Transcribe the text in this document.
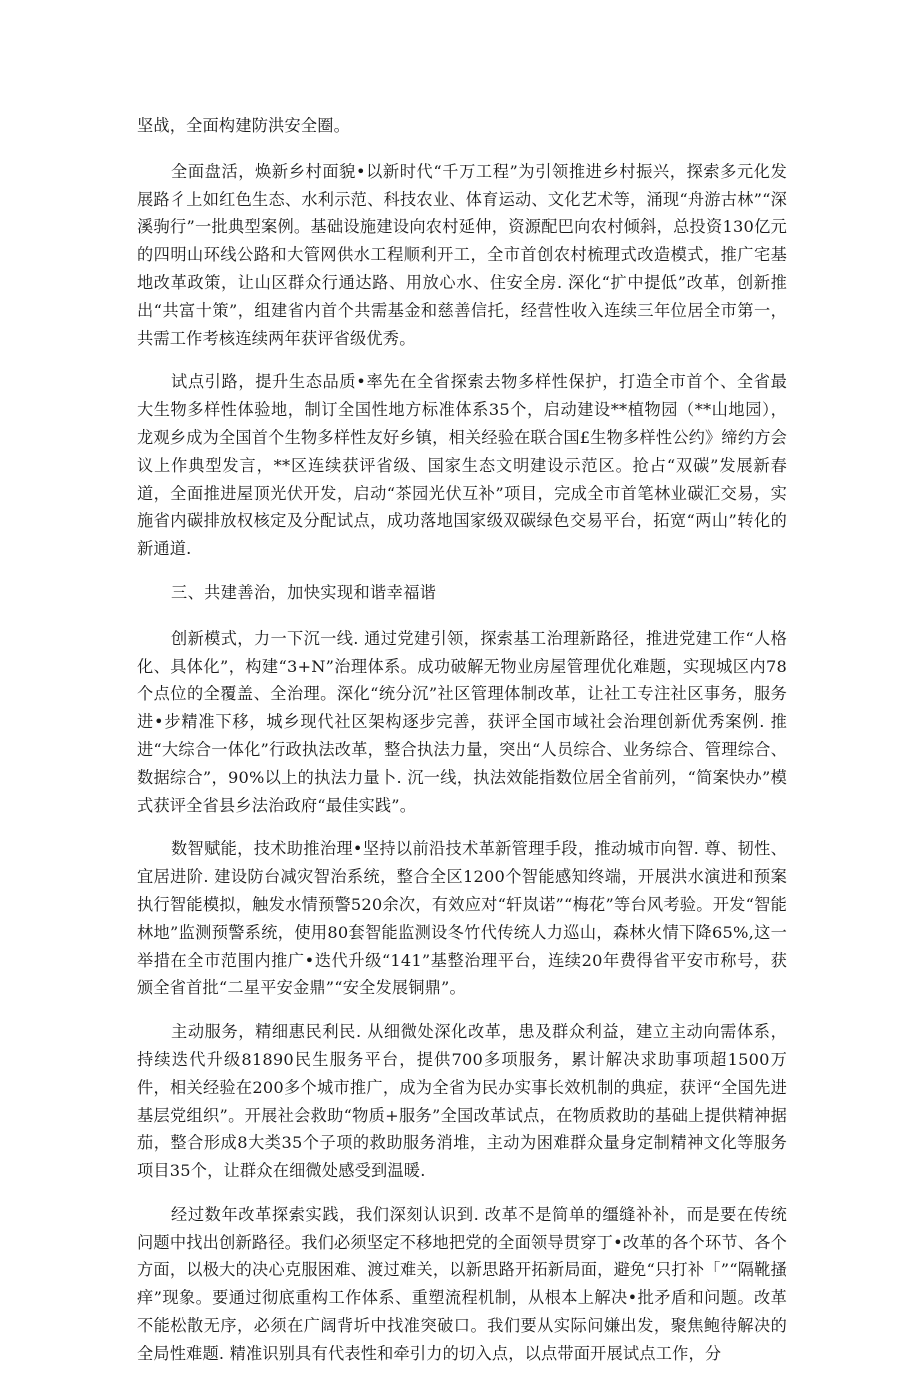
坚战，全面构建防洪安全圈。

全面盘活，焕新乡村面貌•以新时代“千万工程”为引领推进乡村振兴，探索多元化发展路彳上如红色生态、水利示范、科技农业、体育运动、文化艺术等，涌现“舟游古林”“深溪驹行”一批典型案例。基础设施建设向农村延伸，资源配巴向农村倾斜，总投资130亿元的四明山环线公路和大管网供水工程顺利开工，全市首创农村梳理式改造模式，推广宅基地改革政策，让山区群众行通达路、用放心水、住安全房. 深化“扩中提低”改革，创新推出“共富十策”，组建省内首个共需基金和慈善信托，经营性收入连续三年位居全市第一，共需工作考核连续两年获评省级优秀。

试点引路，提升生态品质•率先在全省探索去物多样性保护，打造全市首个、全省最大生物多样性体验地，制订全国性地方标准体系35个，启动建设**植物园（**山地园），龙观乡成为全国首个生物多样性友好乡镇，相关经验在联合国£生物多样性公约》缔约方会议上作典型发言，**区连续获评省级、国家生态文明建设示范区。抢占“双碳”发展新春道，全面推进屋顶光伏开发，启动“茶园光伏互补”项目，完成全市首笔林业碳汇交易，实施省内碳排放权核定及分配试点，成功落地国家级双碳绿色交易平台，拓宽“两山”转化的新通道.

三、共建善治，加快实现和谐幸福谐

创新模式，力一下沉一线. 通过党建引领，探索基工治理新路径，推进党建工作“人格化、具体化”，构建“3+N”治理体系。成功破解无物业房屋管理优化难题，实现城区内78个点位的全覆盖、全治理。深化“统分沉”社区管理体制改革，让社工专注社区事务，服务进•步精准下移，城乡现代社区架构逐步完善，获评全国市域社会治理创新优秀案例. 推进“大综合一体化”行政执法改革，整合执法力量，突出“人员综合、业务综合、管理综合、数据综合”，90%以上的执法力量卜. 沉一线，执法效能指数位居全省前列，“简案快办”模式获评全省县乡法治政府“最佳实践”。

数智赋能，技术助推治理•坚持以前沿技术革新管理手段，推动城市向智. 尊、韧性、宜居进阶. 建设防台减灾智治系统，整合全区1200个智能感知终端，开展洪水演进和预案执行智能模拟，触发水情预警520余次，有效应对“轩岚诺”“梅花”等台风考验。开发“智能林地”监测预警系统，使用80套智能监测设冬竹代传统人力巡山，森林火情下降65%,这一举措在全市范围内推广•迭代升级“141”基整治理平台，连续20年费得省平安市称号，获颁全省首批“二星平安金鼎”“安全发展铜鼎”。

主动服务，精细惠民利民. 从细微处深化改革，患及群众利益，建立主动向需体系，持续迭代升级81890民生服务平台，提供700多项服务，累计解决求助事项超1500万件，相关经验在200多个城市推广，成为全省为民办实事长效机制的典症，获评“全国先进基层党组织”。开展社会救助“物质+服务”全国改革试点，在物质救助的基础上提供精神据茄，整合形成8大类35个子项的救助服务消堆，主动为困难群众量身定制精神文化等服务项目35个，让群众在细微处感受到温暖.

经过数年改革探索实践，我们深刻认识到. 改革不是简单的缰缝补补，而是要在传统问题中找出创新路径。我们必须坚定不移地把党的全面领导贯穿丁•改革的各个环节、各个方面，以极大的决心克服困难、渡过难关，以新思路开拓新局面，避免“只打补「”“隔靴搔痒”现象。要通过彻底重构工作体系、重塑流程机制，从根本上解决•批矛盾和问题。改革不能松散无序，必须在广阔背圻中找准突破口。我们要从实际问嫌出发，聚焦鲍待解决的全局性难题. 精准识别具有代表性和牵引力的切入点，以点带面开展试点工作，分
